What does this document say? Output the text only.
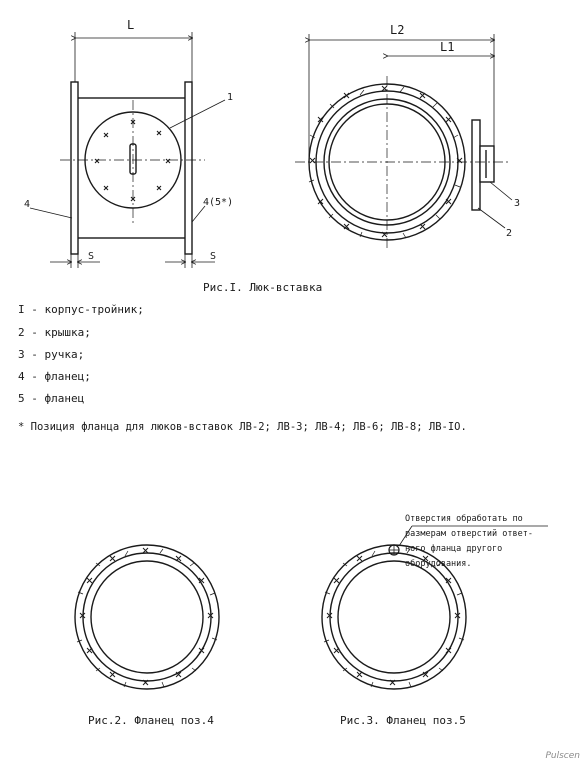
L
1
4	4(5*)
S	S
L2
L1
3
2
Рис.I. Люк-вставка
I - корпус-тройник;
2 - крышка;
3 - ручка;
4 - фланец;
5 - фланец
* Позиция фланца для люков-вставок ЛВ-2; ЛВ-3; ЛВ-4; ЛВ-6; ЛВ-8; ЛВ-IO.
Отверстия обработать по
размерам отверстий ответ-
ного фланца другого
оборудования.
Рис.2. Фланец поз.4	Рис.3. Фланец поз.5
Pulscen
